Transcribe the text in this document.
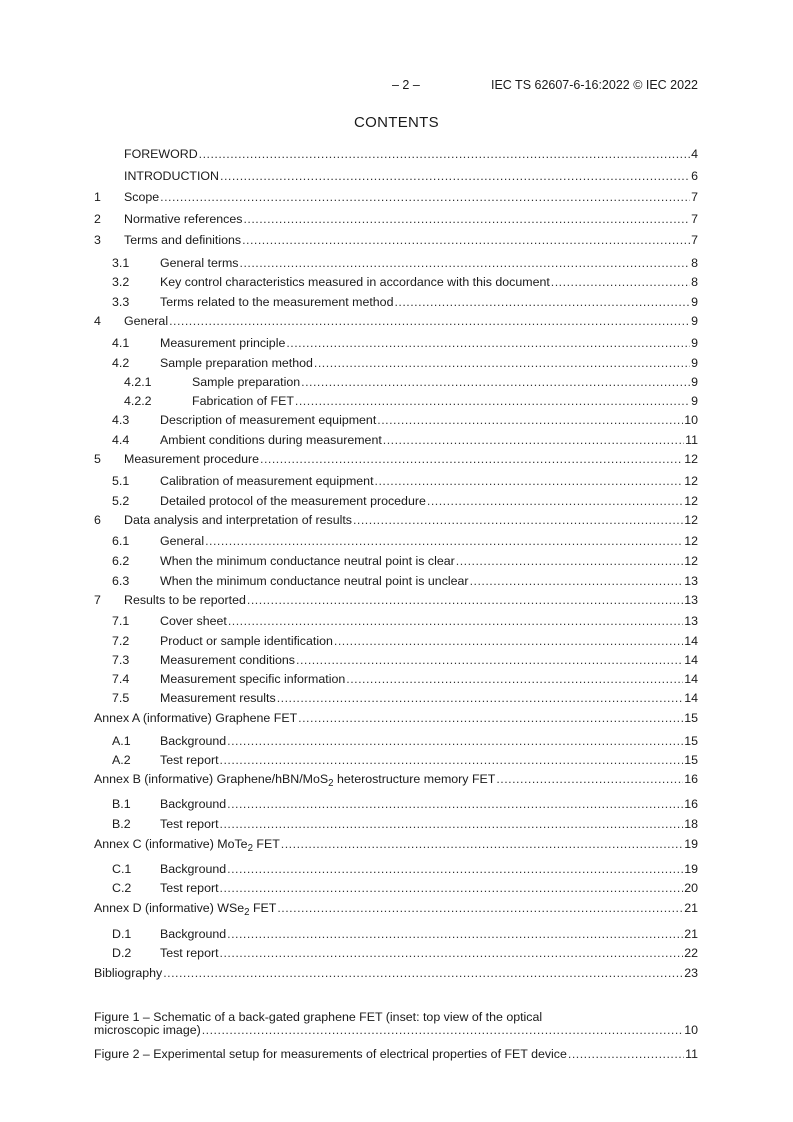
– 2 –	IEC TS 62607-6-16:2022 © IEC 2022
CONTENTS
FOREWORD .....	4
INTRODUCTION .....	6
1	Scope .....	7
2	Normative references .....	7
3	Terms and definitions .....	7
3.1	General terms .....	8
3.2	Key control characteristics measured in accordance with this document .....	8
3.3	Terms related to the measurement method .....	9
4	General .....	9
4.1	Measurement principle .....	9
4.2	Sample preparation method .....	9
4.2.1	Sample preparation .....	9
4.2.2	Fabrication of FET .....	9
4.3	Description of measurement equipment .....	10
4.4	Ambient conditions during measurement .....	11
5	Measurement procedure .....	12
5.1	Calibration of measurement equipment .....	12
5.2	Detailed protocol of the measurement procedure .....	12
6	Data analysis and interpretation of results .....	12
6.1	General .....	12
6.2	When the minimum conductance neutral point is clear .....	12
6.3	When the minimum conductance neutral point is unclear .....	13
7	Results to be reported .....	13
7.1	Cover sheet .....	13
7.2	Product or sample identification .....	14
7.3	Measurement conditions .....	14
7.4	Measurement specific information .....	14
7.5	Measurement results .....	14
Annex A (informative) Graphene FET .....	15
A.1	Background .....	15
A.2	Test report .....	15
Annex B (informative) Graphene/hBN/MoS$_2$ heterostructure memory FET .....	16
B.1	Background .....	16
B.2	Test report .....	18
Annex C (informative) MoTe$_2$ FET .....	19
C.1	Background .....	19
C.2	Test report .....	20
Annex D (informative) WSe$_2$ FET .....	21
D.1	Background .....	21
D.2	Test report .....	22
Bibliography .....	23
Figure 1 – Schematic of a back-gated graphene FET (inset: top view of the optical
microscopic image) .....	10
Figure 2 – Experimental setup for measurements of electrical properties of FET device .....	11
